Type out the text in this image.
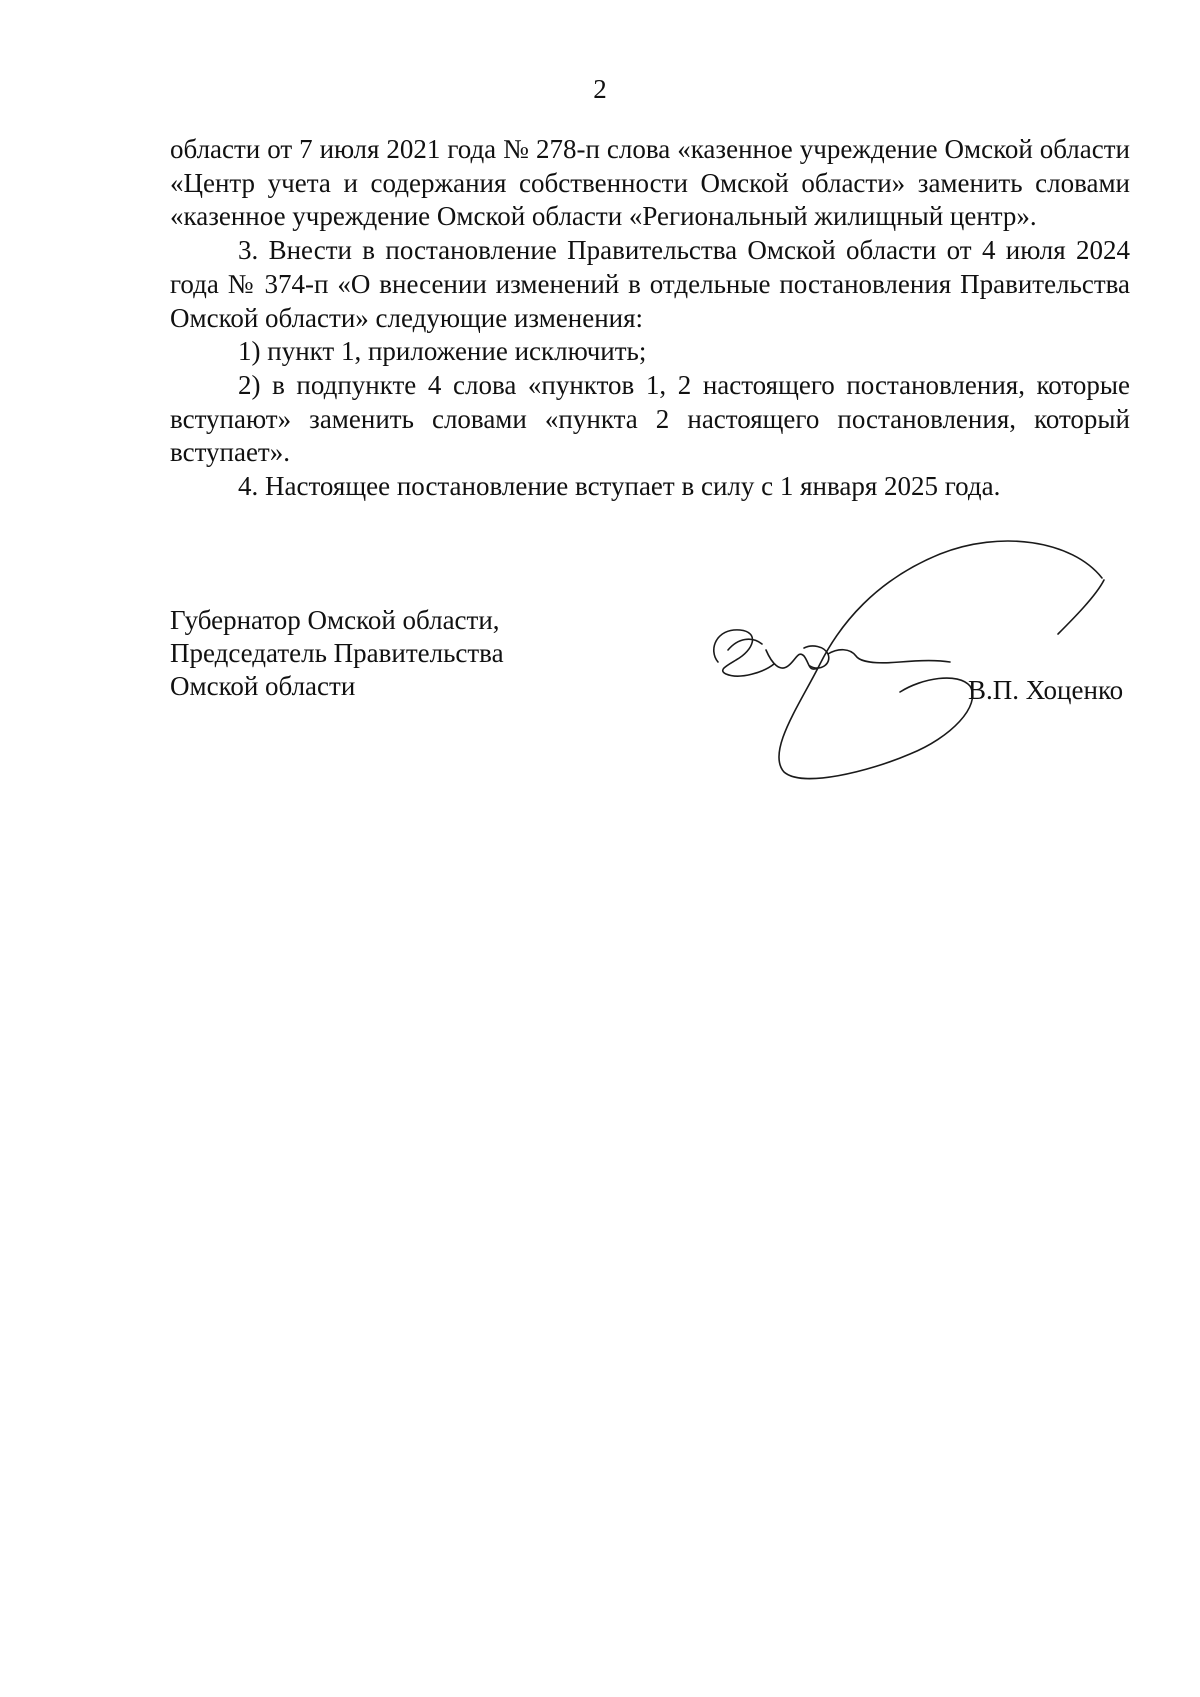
2

области от 7 июля 2021 года № 278-п слова «казенное учреждение Омской области «Центр учета и содержания собственности Омской области» заменить словами «казенное учреждение Омской области «Региональный жилищный центр».

3. Внести в постановление Правительства Омской области от 4 июля 2024 года № 374-п «О внесении изменений в отдельные постановления Правительства Омской области» следующие изменения:

1) пункт 1, приложение исключить;

2) в подпункте 4 слова «пунктов 1, 2 настоящего постановления, которые вступают» заменить словами «пункта 2 настоящего постановления, который вступает».

4. Настоящее постановление вступает в силу с 1 января 2025 года.

Губернатор Омской области,
Председатель Правительства
Омской области	В.П. Хоценко
